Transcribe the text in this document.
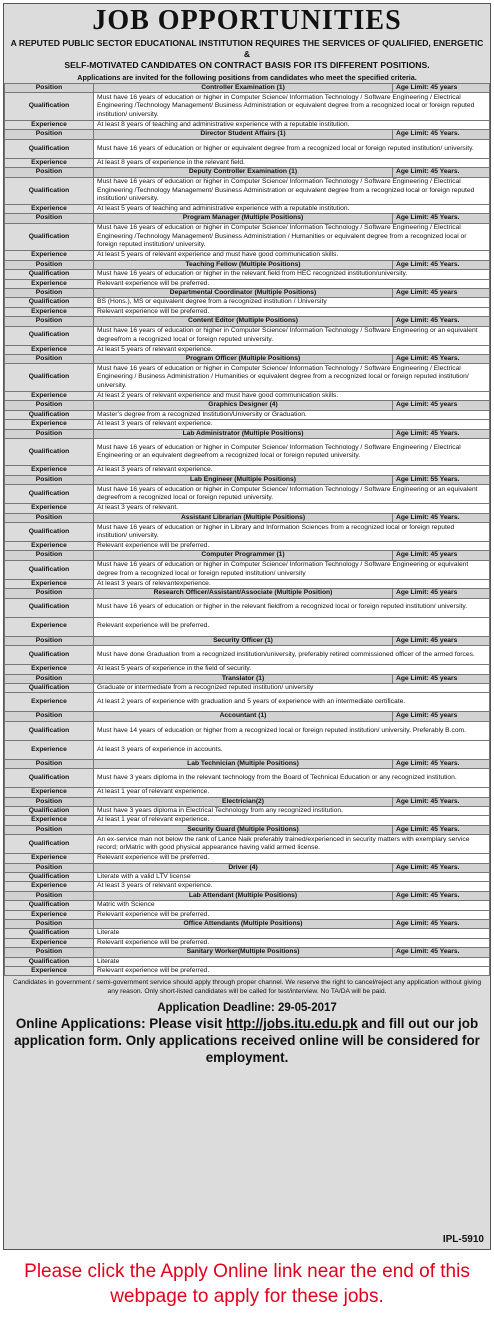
JOB OPPORTUNITIES
A REPUTED PUBLIC SECTOR EDUCATIONAL INSTITUTION REQUIRES THE SERVICES OF QUALIFIED, ENERGETIC &
SELF-MOTIVATED CANDIDATES ON CONTRACT BASIS FOR ITS DIFFERENT POSITIONS.
Applications are invited for the following positions from candidates who meet the specified criteria.
Position	Controller Examination (1)	Age Limit: 45 years
Qualification	Must have 16 years of education or higher in Computer Science/ Information Technology / Software Engineering / Electrical Engineering /Technology Management/ Business Administration or equivalent degree from a recognized local or foreign reputed institution/ university.	
Experience	At least 8 years of teaching and administrative experience with a reputable institution.	
Position	Director Student Affairs (1)	Age Limit: 45 Years.
Qualification	Must have 16 years of education or higher or equivalent degree from a recognized local or foreign reputed institution/ university.	
Experience	At least 8 years of experience in the relevant field.	
Position	Deputy Controller Examination (1)	Age Limit: 45 Years.
Qualification	Must have 16 years of education or higher in Computer Science/ Information Technology / Software Engineering / Electrical Engineering /Technology Management/ Business Administration or equivalent degree from a recognized local or foreign reputed institution/ university.	
Experience	At least 5 years of teaching and administrative experience with a reputable institution.	
Position	Program Manager (Multiple Positions)	Age Limit: 45 Years.
Qualification	Must have 16 years of education or higher in Computer Science/ Information Technology / Software Engineering / Electrical Engineering /Technology Management/ Business Administration / Humanities or equivalent degree from a recognized local or foreign reputed institution/ university.	
Experience	At least 5 years of relevant experience and must have good communication skills.	
Position	Teaching Fellow (Multiple Positions)	Age Limit: 45 Years.
Qualification	Must have 16 years of education or higher in the relevant field from HEC recognized institution/university.	
Experience	Relevant experience will be preferred.	
Position	Departmental Coordinator (Multiple Positions)	Age Limit: 45 years
Qualification	BS (Hons.), MS or equivalent degree from a recognized institution / University	
Experience	Relevant experience will be preferred.	
Position	Content Editor (Multiple Positions)	Age Limit: 45 Years.
Qualification	Must have 16 years of education or higher in Computer Science/ Information Technology / Software Engineering or an equivalent degreefrom a recognized local or foreign reputed university.	
Experience	At least 5 years of relevant experience.	
Position	Program Officer (Multiple Positions)	Age Limit: 45 Years.
Qualification	Must have 16 years of education or higher in Computer Science/ Information Technology / Software Engineering / Electrical Engineering / Business Administration / Humanities or equivalent degree from a recognized local or foreign reputed institution/ university.	
Experience	At least 2 years of relevant experience and must have good communication skills.	
Position	Graphics Designer (4)	Age Limit: 45 years
Qualification	Master’s degree from a recognized Institution/University or Graduation.	
Experience	At least 3 years of relevant experience.	
Position	Lab Administrator (Multiple Positions)	Age Limit: 45 Years.
Qualification	Must have 16 years of education or higher in Computer Science/ Information Technology / Software Engineering / Electrical Engineering or an equivalent degreefrom a recognized local or foreign reputed university.	
Experience	At least 3 years of relevant experience.	
Position	Lab Engineer (Multiple Positions)	Age Limit: 55 Years.
Qualification	Must have 16 years of education or higher in Computer Science/ Information Technology / Software Engineering or an equivalent degreefrom a recognized local or foreign reputed university.	
Experience	At least 3 years of relevant.	
Position	Assistant Librarian (Multiple Positions)	Age Limit: 45 Years.
Qualification	Must have 16 years of education or higher in Library and Information Sciences from a recognized local or foreign reputed institution/ university.	
Experience	Relevant experience will be preferred.	
Position	Computer Programmer (1)	Age Limit: 45 years
Qualification	Must have 16 years of education or higher in Computer Science/ Information Technology / Software Engineering or equivalent degree from a recognized local or foreign reputed institution/ university	
Experience	At least 3 years of relevantexperience.	
Position	Research Officer/Assistant/Associate (Multiple Position)	Age Limit: 45 years
Qualification	Must have 16 years of education or higher in the relevant fieldfrom a recognized local or foreign reputed institution/ university.	
Experience	Relevant experience will be preferred.	
Position	Security Officer (1)	Age Limit: 45 years
Qualification	Must have done Graduation from a recognized institution/university, preferably retired commissioned officer of the armed forces.	
Experience	At least 5 years of experience in the field of security.	
Position	Translator (1)	Age Limit: 45 years
Qualification	Graduate or intermediate from a recognized reputed institution/ university	
Experience	At least 2 years of experience with graduation and 5 years of experience with an intermediate certificate.	
Position	Accountant (1)	Age Limit: 45 years
Qualification	Must have 14 years of education or higher from a recognized local or foreign reputed institution/ university. Preferably B.com.	
Experience	At least 3 years of experience in accounts.	
Position	Lab Technician (Multiple Positions)	Age Limit: 45 Years.
Qualification	Must have 3 years diploma in the relevant technology from the Board of Technical Education or any recognized institution.	
Experience	At least 1 year of relevant experience.	
Position	Electrician(2)	Age Limit: 45 Years.
Qualification	Must have 3 years diploma in Electrical Technology from any recognized institution.	
Experience	At least 1 year of relevant experience.	
Position	Security Guard (Multiple Positions)	Age Limit: 45 Years.
Qualification	An ex-service man not below the rank of Lance Naik preferably trained/experienced in security matters with exemplary service record; orMatric with good physical appearance having valid armed license.	
Experience	Relevant experience will be preferred.	
Position	Driver (4)	Age Limit: 45 Years.
Qualification	Literate with a valid LTV license	
Experience	At least 3 years of relevant experience.	
Position	Lab Attendant (Multiple Positions)	Age Limit: 45 Years.
Qualification	Matric with Science	
Experience	Relevant experience will be preferred.	
Position	Office Attendants (Multiple Positions)	Age Limit: 45 Years.
Qualification	Literate	
Experience	Relevant experience will be preferred.	
Position	Sanitary Worker(Multiple Positions)	Age Limit: 45 Years.
Qualification	Literate	
Experience	Relevant experience will be preferred.	
Candidates in government / semi-government service should apply through proper channel. We reserve the right to cancel/reject any application without giving any reason. Only short-listed candidates will be called for test/interview. No TA/DA will be paid.
Application Deadline: 29-05-2017
Online Applications: Please visit http://jobs.itu.edu.pk and fill out our job application form. Only applications received online will be considered for employment.
IPL-5910
Please click the Apply Online link near the end of this webpage to apply for these jobs.
